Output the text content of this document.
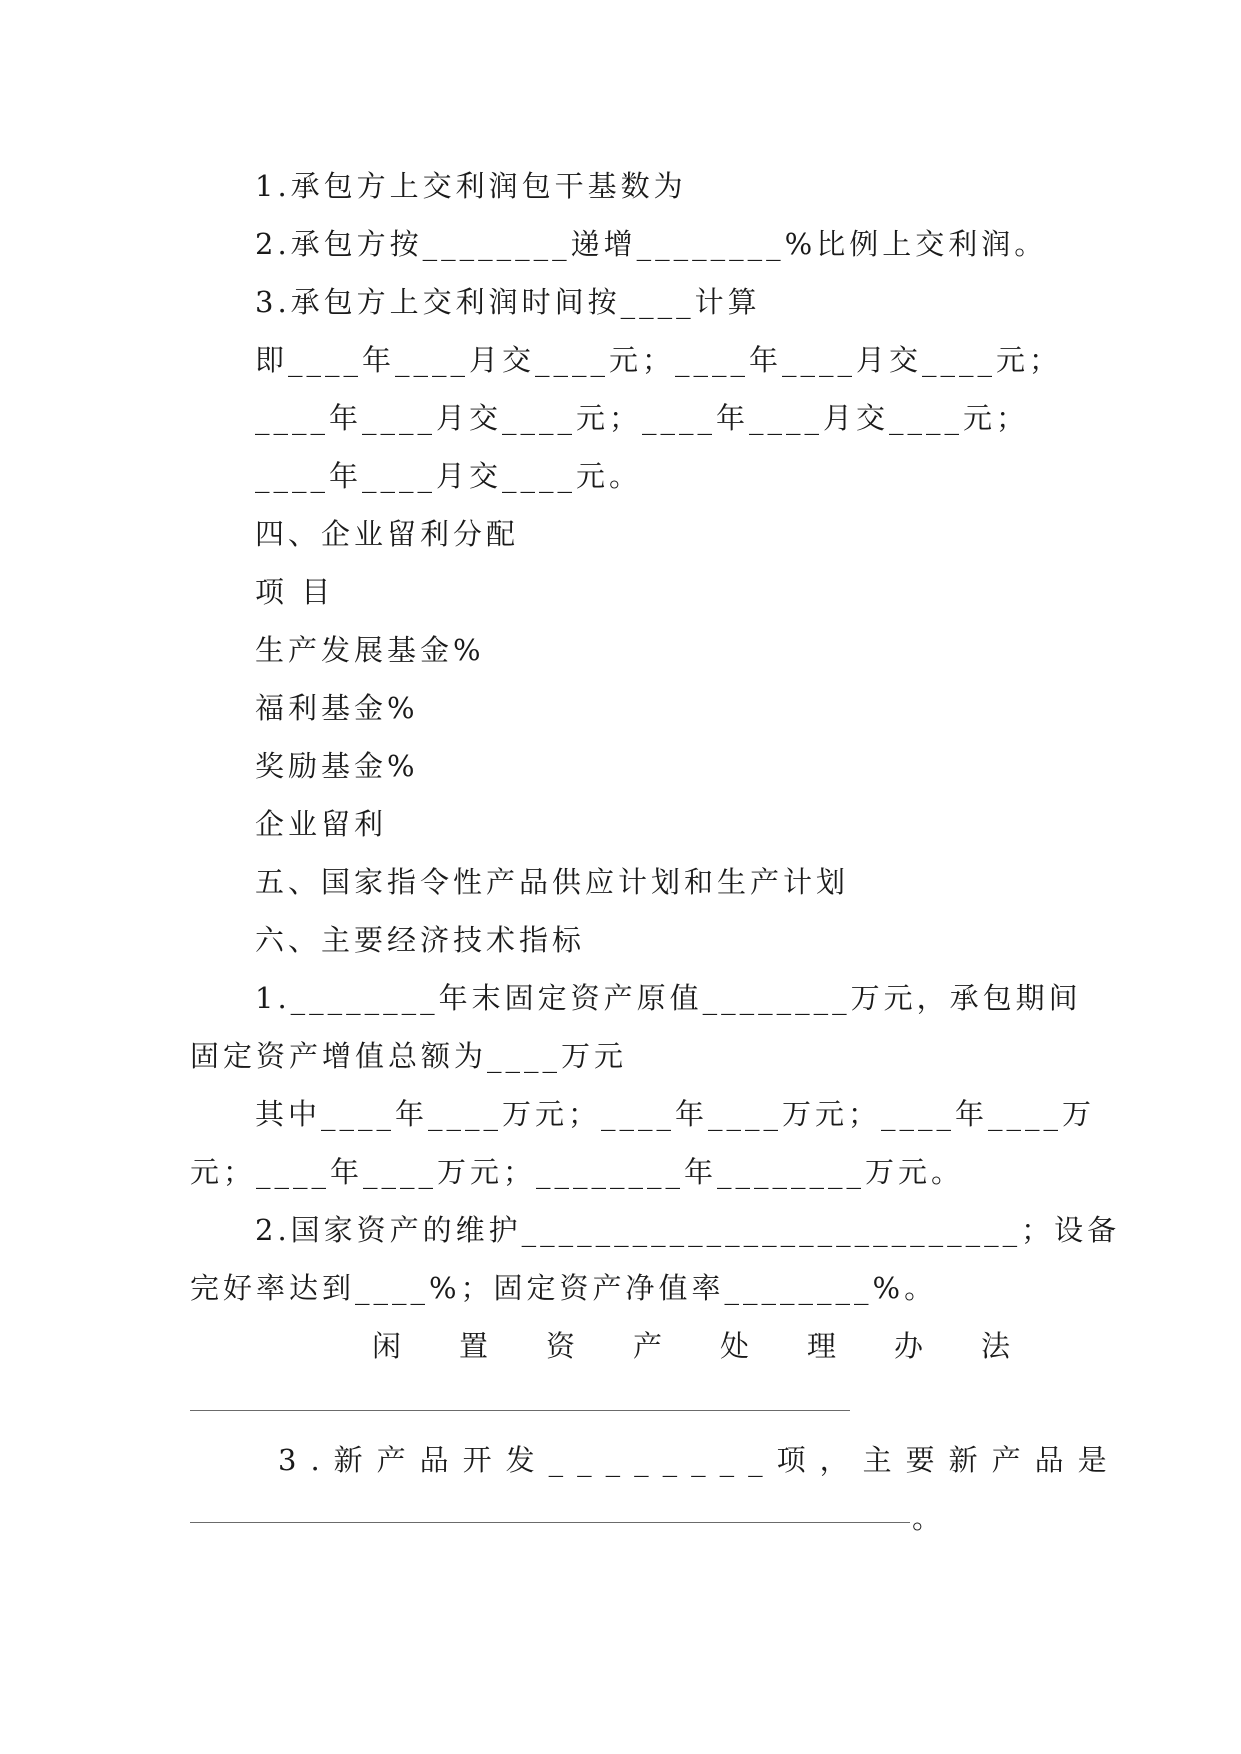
1.承包方上交利润包干基数为
2.承包方按________递增________%比例上交利润。
3.承包方上交利润时间按____计算
即____年____月交____元；____年____月交____元；
____年____月交____元；____年____月交____元；
____年____月交____元。
四、企业留利分配
项 目
生产发展基金%
福利基金%
奖励基金%
企业留利
五、国家指令性产品供应计划和生产计划
六、主要经济技术指标
1.________年末固定资产原值________万元，承包期间
固定资产增值总额为____万元
其中____年____万元；____年____万元；____年____万
元；____年____万元；________年________万元。
2.国家资产的维护___________________________；设备
完好率达到____%；固定资产净值率________%。
闲置资产处理办法
3.新产品开发________项，主要新产品是
。
